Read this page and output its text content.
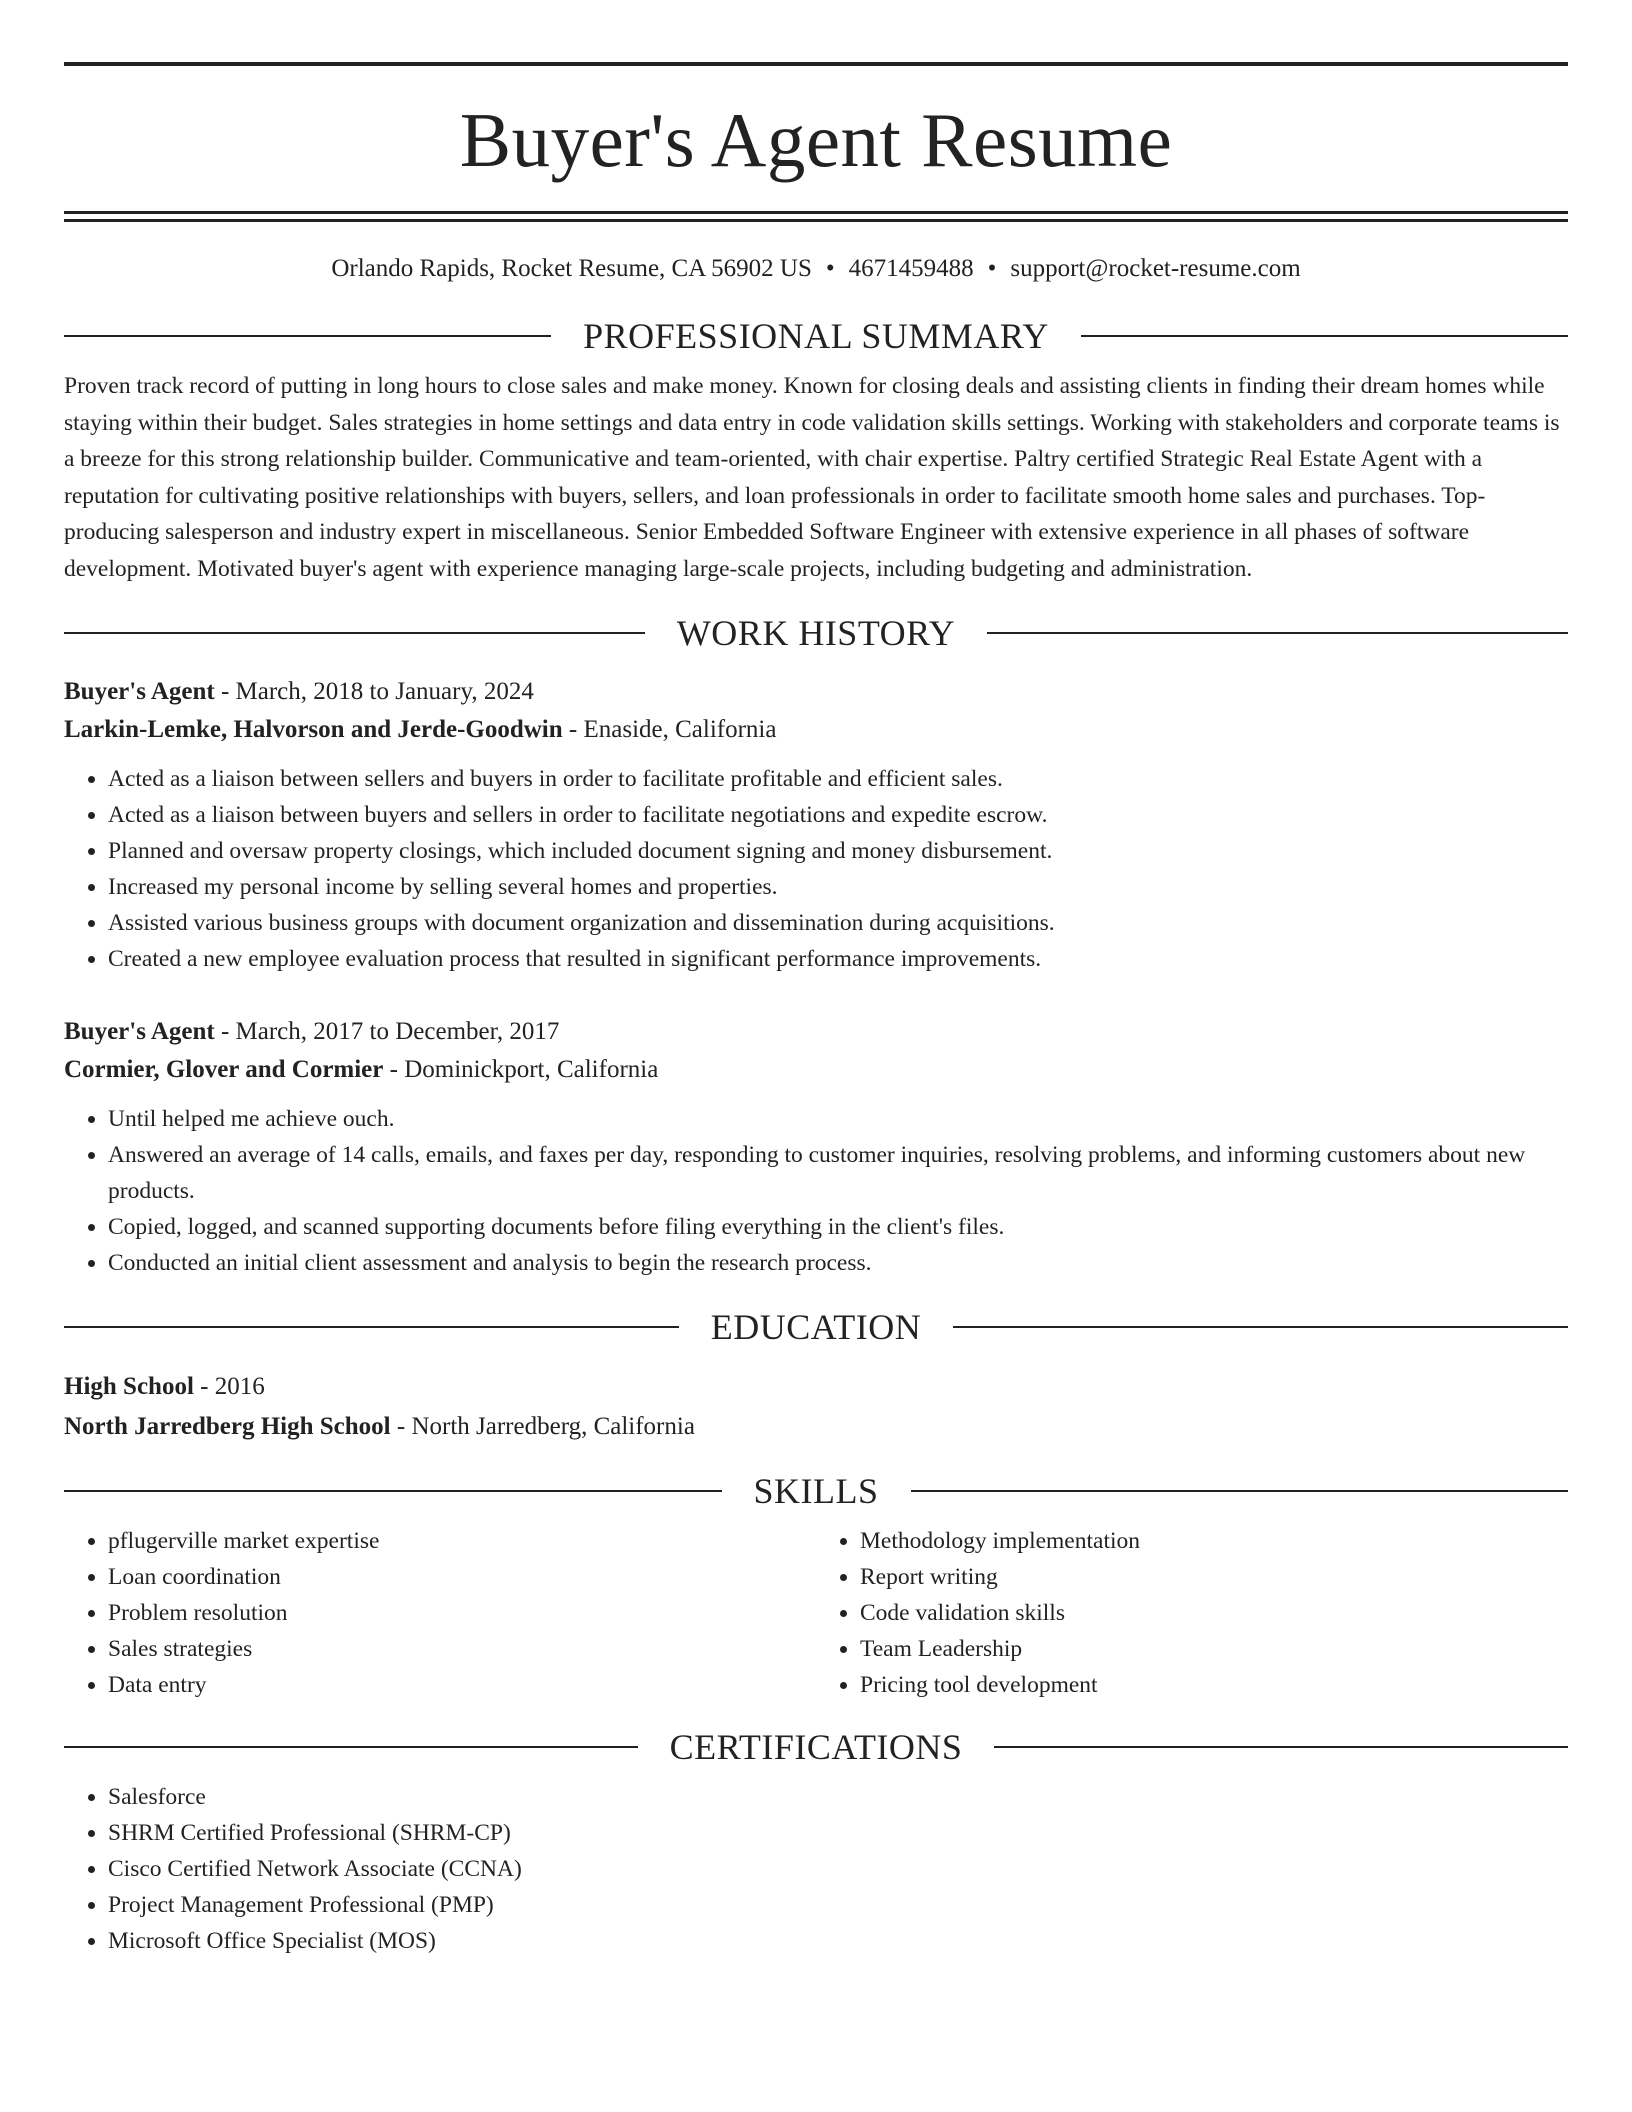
Buyer's Agent Resume
Orlando Rapids, Rocket Resume, CA 56902 US • 4671459488 • support@rocket-resume.com
PROFESSIONAL SUMMARY

Proven track record of putting in long hours to close sales and make money. Known for closing deals and assisting clients in finding their dream homes while staying within their budget. Sales strategies in home settings and data entry in code validation skills settings. Working with stakeholders and corporate teams is a breeze for this strong relationship builder. Communicative and team-oriented, with chair expertise. Paltry certified Strategic Real Estate Agent with a reputation for cultivating positive relationships with buyers, sellers, and loan professionals in order to facilitate smooth home sales and purchases. Top-producing salesperson and industry expert in miscellaneous. Senior Embedded Software Engineer with extensive experience in all phases of software development. Motivated buyer's agent with experience managing large-scale projects, including budgeting and administration.

WORK HISTORY
Buyer's Agent - March, 2018 to January, 2024
Larkin-Lemke, Halvorson and Jerde-Goodwin - Enaside, California
• Acted as a liaison between sellers and buyers in order to facilitate profitable and efficient sales.
• Acted as a liaison between buyers and sellers in order to facilitate negotiations and expedite escrow.
• Planned and oversaw property closings, which included document signing and money disbursement.
• Increased my personal income by selling several homes and properties.
• Assisted various business groups with document organization and dissemination during acquisitions.
• Created a new employee evaluation process that resulted in significant performance improvements.
Buyer's Agent - March, 2017 to December, 2017
Cormier, Glover and Cormier - Dominickport, California
• Until helped me achieve ouch.
• Answered an average of 14 calls, emails, and faxes per day, responding to customer inquiries, resolving problems, and informing customers about new products.
• Copied, logged, and scanned supporting documents before filing everything in the client's files.
• Conducted an initial client assessment and analysis to begin the research process.
EDUCATION
High School - 2016
North Jarredberg High School - North Jarredberg, California
SKILLS
• pflugerville market expertise
• Loan coordination
• Problem resolution
• Sales strategies
• Data entry
• Methodology implementation
• Report writing
• Code validation skills
• Team Leadership
• Pricing tool development
CERTIFICATIONS
• Salesforce
• SHRM Certified Professional (SHRM-CP)
• Cisco Certified Network Associate (CCNA)
• Project Management Professional (PMP)
• Microsoft Office Specialist (MOS)
